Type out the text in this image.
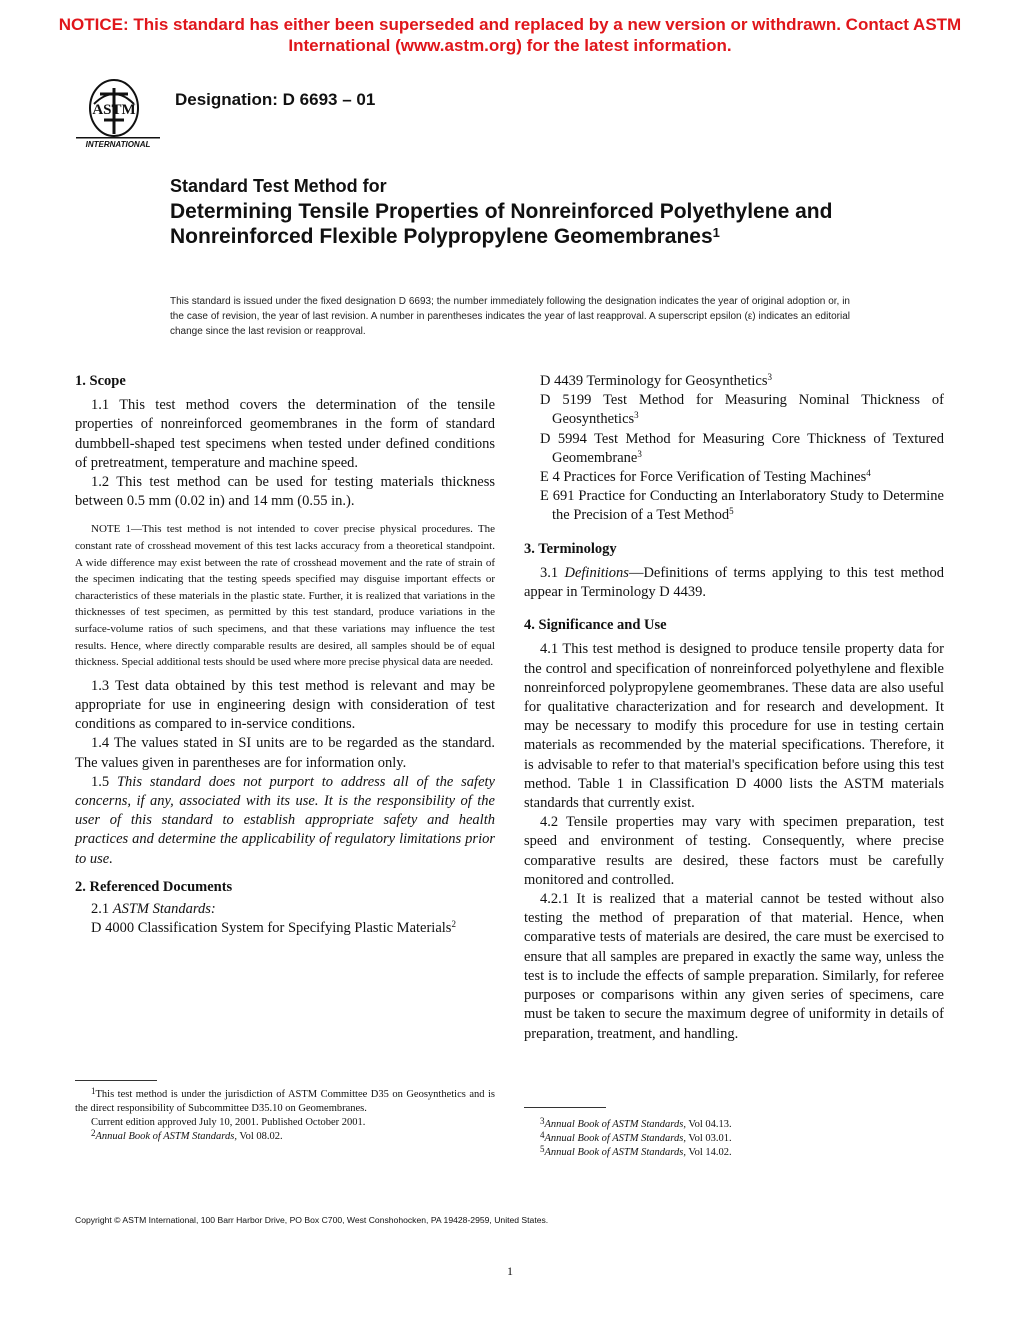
NOTICE: This standard has either been superseded and replaced by a new version or withdrawn. Contact ASTM
International (www.astm.org) for the latest information.
ASTM
INTERNATIONAL
Designation: D 6693 – 01
Standard Test Method for
Determining Tensile Properties of Nonreinforced Polyethylene and Nonreinforced Flexible Polypropylene Geomembranes$^1$
This standard is issued under the fixed designation D 6693; the number immediately following the designation indicates the year of original adoption or, in the case of revision, the year of last revision. A number in parentheses indicates the year of last reapproval. A superscript epsilon (ε) indicates an editorial change since the last revision or reapproval.

1. Scope

1.1 This test method covers the determination of the tensile properties of nonreinforced geomembranes in the form of standard dumbbell-shaped test specimens when tested under defined conditions of pretreatment, temperature and machine speed.

1.2 This test method can be used for testing materials thickness between 0.5 mm (0.02 in) and 14 mm (0.55 in.).

NOTE 1—This test method is not intended to cover precise physical procedures. The constant rate of crosshead movement of this test lacks accuracy from a theoretical standpoint. A wide difference may exist between the rate of crosshead movement and the rate of strain of the specimen indicating that the testing speeds specified may disguise important effects or characteristics of these materials in the plastic state. Further, it is realized that variations in the thicknesses of test specimen, as permitted by this test standard, produce variations in the surface-volume ratios of such specimens, and that these variations may influence the test results. Hence, where directly comparable results are desired, all samples should be of equal thickness. Special additional tests should be used where more precise physical data are needed.

1.3 Test data obtained by this test method is relevant and may be appropriate for use in engineering design with consideration of test conditions as compared to in-service conditions.

1.4 The values stated in SI units are to be regarded as the standard. The values given in parentheses are for information only.

1.5 This standard does not purport to address all of the safety concerns, if any, associated with its use. It is the responsibility of the user of this standard to establish appropriate safety and health practices and determine the applicability of regulatory limitations prior to use.

2. Referenced Documents

2.1 ASTM Standards:

D 4000 Classification System for Specifying Plastic Materials$^2$

$^1$This test method is under the jurisdiction of ASTM Committee D35 on Geosynthetics and is the direct responsibility of Subcommittee D35.10 on Geomembranes.

Current edition approved July 10, 2001. Published October 2001.

$^2$Annual Book of ASTM Standards, Vol 08.02.

D 4439 Terminology for Geosynthetics$^3$

D 5199 Test Method for Measuring Nominal Thickness of Geosynthetics$^3$

D 5994 Test Method for Measuring Core Thickness of Textured Geomembrane$^3$

E 4 Practices for Force Verification of Testing Machines$^4$

E 691 Practice for Conducting an Interlaboratory Study to Determine the Precision of a Test Method$^5$

3. Terminology

3.1 Definitions—Definitions of terms applying to this test method appear in Terminology D 4439.

4. Significance and Use

4.1 This test method is designed to produce tensile property data for the control and specification of nonreinforced polyethylene and flexible nonreinforced polypropylene geomembranes. These data are also useful for qualitative characterization and for research and development. It may be necessary to modify this procedure for use in testing certain materials as recommended by the material specifications. Therefore, it is advisable to refer to that material's specification before using this test method. Table 1 in Classification D 4000 lists the ASTM materials standards that currently exist.

4.2 Tensile properties may vary with specimen preparation, test speed and environment of testing. Consequently, where precise comparative results are desired, these factors must be carefully monitored and controlled.

4.2.1 It is realized that a material cannot be tested without also testing the method of preparation of that material. Hence, when comparative tests of materials are desired, the care must be exercised to ensure that all samples are prepared in exactly the same way, unless the test is to include the effects of sample preparation. Similarly, for referee purposes or comparisons within any given series of specimens, care must be taken to secure the maximum degree of uniformity in details of preparation, treatment, and handling.

$^3$Annual Book of ASTM Standards, Vol 04.13.

$^4$Annual Book of ASTM Standards, Vol 03.01.

$^5$Annual Book of ASTM Standards, Vol 14.02.

Copyright © ASTM International, 100 Barr Harbor Drive, PO Box C700, West Conshohocken, PA 19428-2959, United States.
1
